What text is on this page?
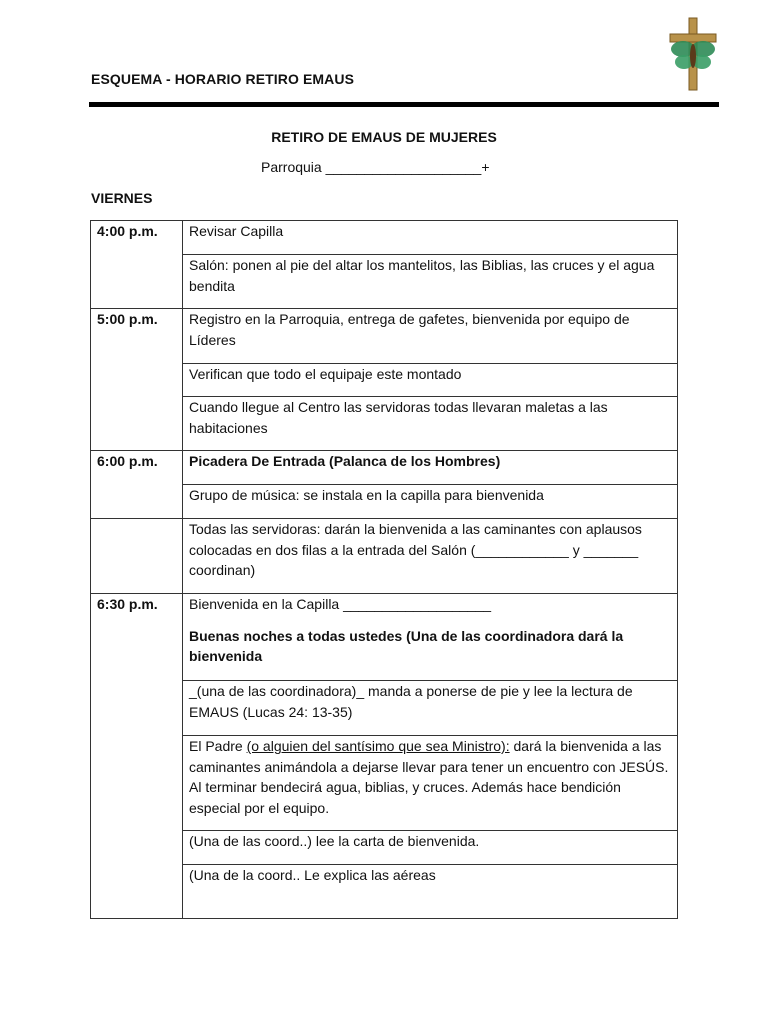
ESQUEMA - HORARIO RETIRO EMAUS
RETIRO DE EMAUS DE MUJERES
Parroquia ____________________+
VIERNES
4:00 p.m.	Revisar Capilla
	Salón: ponen al pie del altar los mantelitos, las Biblias, las cruces y el agua bendita
5:00 p.m.	Registro en la Parroquia, entrega de gafetes, bienvenida por equipo de Líderes
	Verifican que todo el equipaje este montado
	Cuando llegue al Centro las servidoras todas llevaran maletas a las habitaciones
6:00 p.m.	Picadera De Entrada (Palanca de los Hombres)
	Grupo de música: se instala en la capilla para bienvenida
	Todas las servidoras: darán la bienvenida a las caminantes con aplausos colocadas en dos filas a la entrada del Salón (____________ y _______ coordinan)
6:30 p.m.	Bienvenida en la Capilla ___________________
Buenas noches a todas ustedes (Una de las coordinadora dará la bienvenida

	_(una de las coordinadora)_ manda a ponerse de pie y lee la lectura de EMAUS (Lucas 24: 13-35)
	El Padre (o alguien del santísimo que sea Ministro): dará la bienvenida a las caminantes animándola a dejarse llevar para tener un encuentro con JESÚS. Al terminar bendecirá agua, biblias, y cruces. Además hace bendición especial por el equipo.
	(Una de las coord..) lee la carta de bienvenida.
	(Una de la coord.. Le explica las aéreas
